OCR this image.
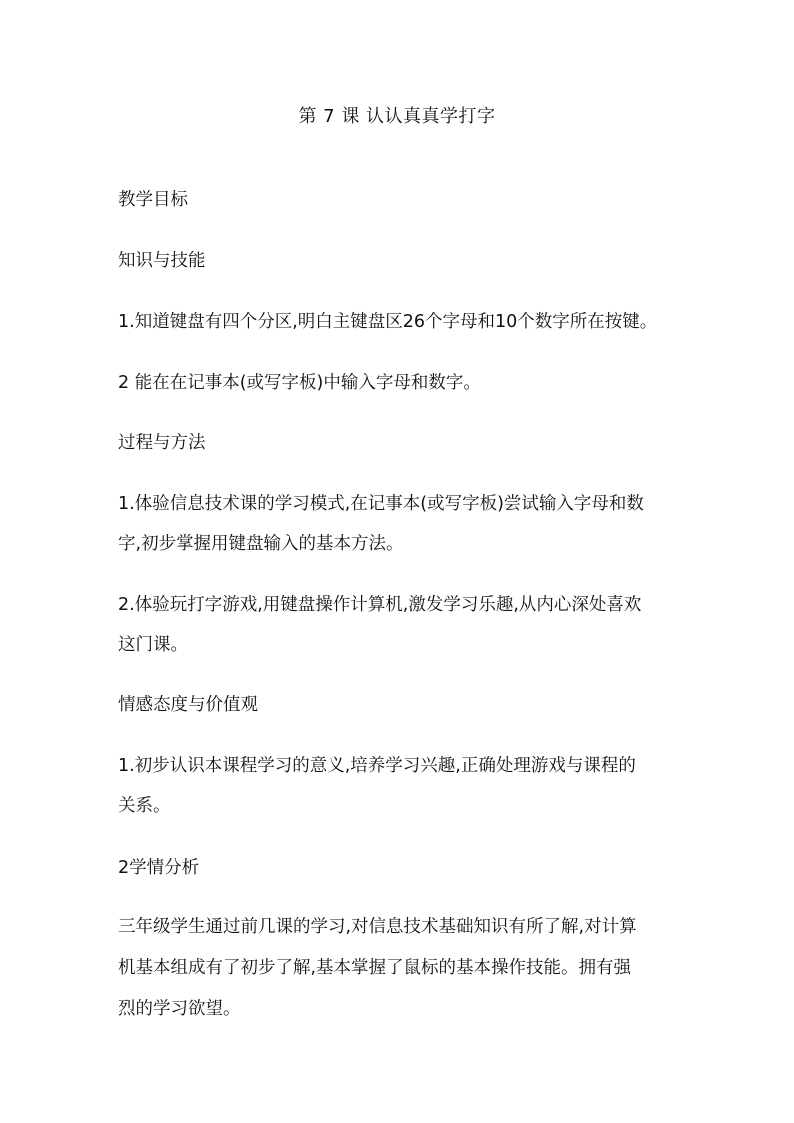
第 7 课 认认真真学打字
教学目标
知识与技能
1.知道键盘有四个分区,明白主键盘区26个字母和10个数字所在按键。
2 能在在记事本(或写字板)中输入字母和数字。
过程与方法
1.体验信息技术课的学习模式,在记事本(或写字板)尝试输入字母和数
字,初步掌握用键盘输入的基本方法。
2.体验玩打字游戏,用键盘操作计算机,激发学习乐趣,从内心深处喜欢
这门课。
情感态度与价值观
1.初步认识本课程学习的意义,培养学习兴趣,正确处理游戏与课程的
关系。
2学情分析
三年级学生通过前几课的学习,对信息技术基础知识有所了解,对计算
机基本组成有了初步了解,基本掌握了鼠标的基本操作技能。拥有强
烈的学习欲望。
